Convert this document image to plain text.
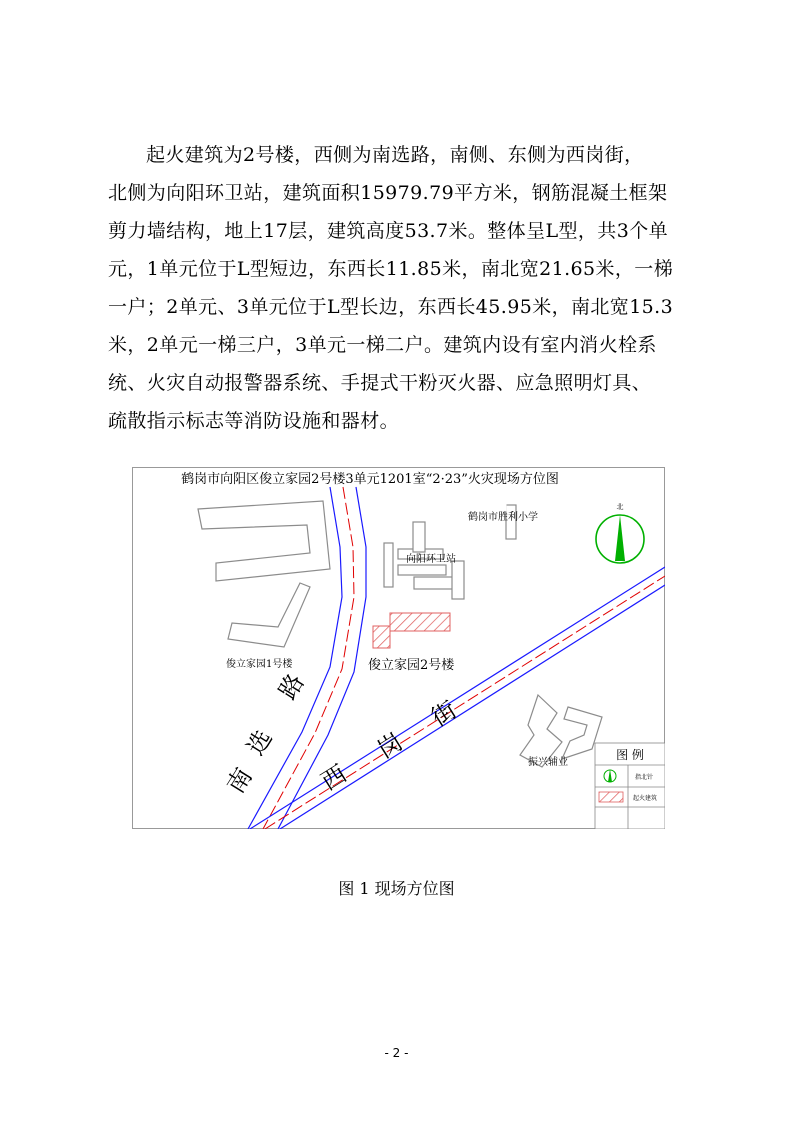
起火建筑为2号楼，西侧为南选路，南侧、东侧为西岗街，
北侧为向阳环卫站，建筑面积15979.79平方米，钢筋混凝土框架
剪力墙结构，地上17层，建筑高度53.7米。整体呈L型，共3个单
元，1单元位于L型短边，东西长11.85米，南北宽21.65米，一梯
一户；2单元、3单元位于L型长边，东西长45.95米，南北宽15.3
米，2单元一梯三户，3单元一梯二户。建筑内设有室内消火栓系
统、火灾自动报警器系统、手提式干粉灭火器、应急照明灯具、
疏散指示标志等消防设施和器材。
鹤岗市向阳区俊立家园2号楼3单元1201室“2·23”火灾现场方位图
南
选
路
西
岗
街
鹤岗市胜利小学
向阳环卫站
俊立家园1号楼	俊立家园2号楼
振兴辅业
北
图 例
指北针
起火建筑
图 1 现场方位图
- 2 -
